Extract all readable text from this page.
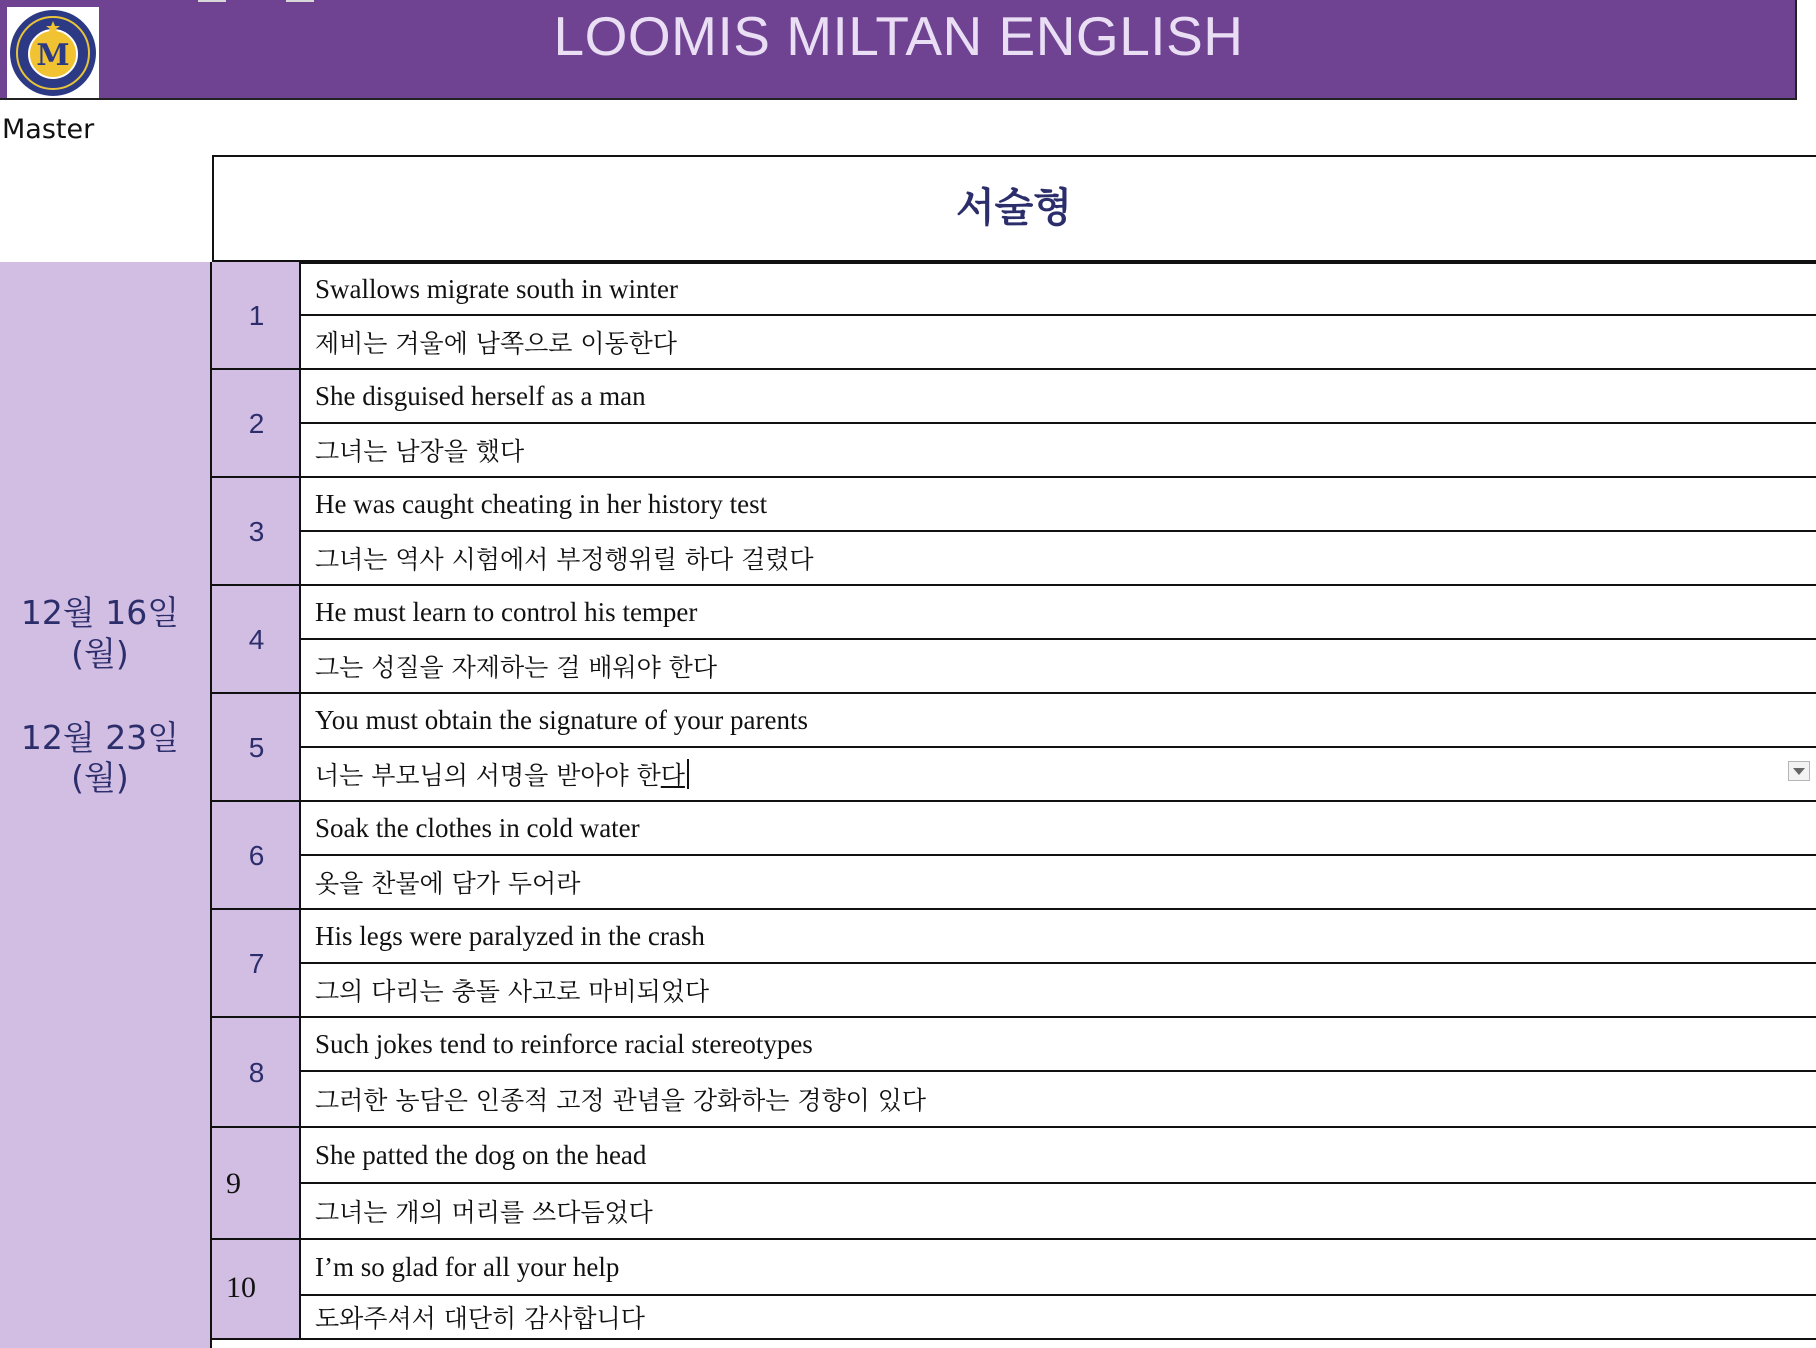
M	LOOMIS MILTAN ENGLISH
Master
서술형
12월 16일
(월)
12월 23일
(월)
1
Swallows migrate south in winter
제비는 겨울에 남쪽으로 이동한다
2
She disguised herself as a man
그녀는 남장을 했다
3
He was caught cheating in her history test
그녀는 역사 시험에서 부정행위릴 하다 걸렸다
4
He must learn to control his temper
그는 성질을 자제하는 걸 배워야 한다
5
You must obtain the signature of your parents
너는 부모님의 서명을 받아야 한 다
6
Soak the clothes in cold water
옷을 찬물에 담가 두어라
7
His legs were paralyzed in the crash
그의 다리는 충돌 사고로 마비되었다
8
Such jokes tend to reinforce racial stereotypes
그러한 농담은 인종적 고정 관념을 강화하는 경향이 있다
9
She patted the dog on the head
그녀는 개의 머리를 쓰다듬었다
10
I’m so glad for all your help
도와주셔서 대단히 감사합니다
